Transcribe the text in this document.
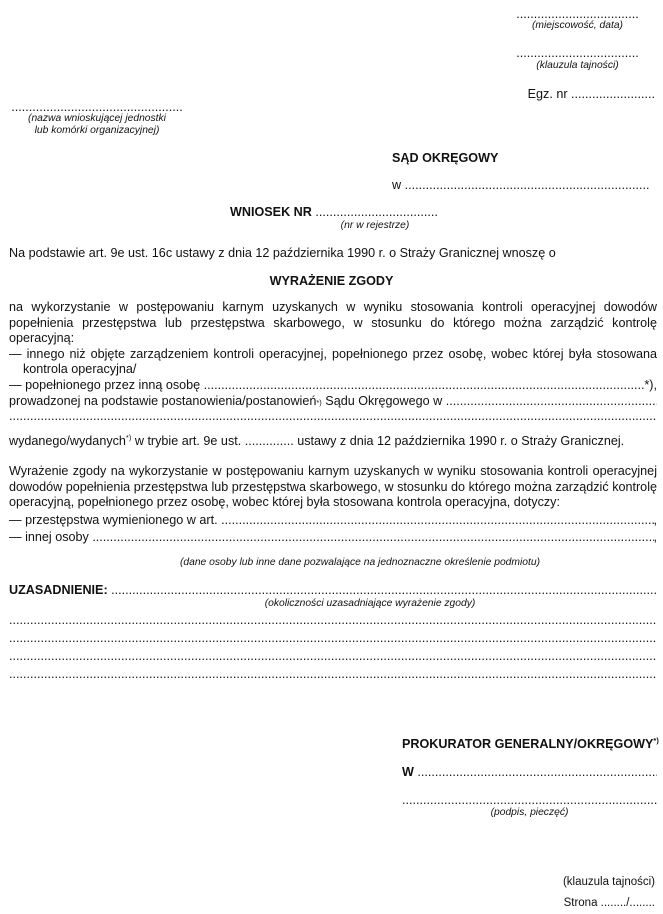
...................................
(miejscowość, data)
...................................
(klauzula tajności)
Egz. nr ........................
.................................................
(nazwa wnioskującej jednostki
lub komórki organizacyjnej)
SĄD OKRĘGOWY
w ......................................................................
WNIOSEK NR ...................................
(nr w rejestrze)
Na podstawie art. 9e ust. 16c ustawy z dnia 12 października 1990 r. o Straży Granicznej wnoszę o
WYRAŻENIE ZGODY
na wykorzystanie w postępowaniu karnym uzyskanych w wyniku stosowania kontroli operacyjnej dowodów popełnienia przestępstwa lub przestępstwa skarbowego, w stosunku do którego można zarządzić kontrolę operacyjną:
— innego niż objęte zarządzeniem kontroli operacyjnej, popełnionego przez osobę, wobec której była stosowana kontrola operacyjna/
— popełnionego przez inną osobę
.....	*),
prowadzonej na podstawie postanowienia/postanowień *)
Sądu Okręgowego w

.....
.....
wydanego/wydanych*) w trybie art. 9e ust. .............. ustawy z dnia 12 października 1990 r. o Straży Granicznej.
Wyrażenie zgody na wykorzystanie w postępowaniu karnym uzyskanych w wyniku stosowania kontroli operacyjnej dowodów popełnienia przestępstwa lub przestępstwa skarbowego, w stosunku do którego można zarządzić kontrolę operacyjną, popełnionego przez osobę, wobec której była stosowana kontrola operacyjna, dotyczy:
— przestępstwa wymienionego w art.
.....	,
— innej osoby
.....	,
(dane osoby lub inne dane pozwalające na jednoznaczne określenie podmiotu)
UZASADNIENIE:

.....
(okoliczności uzasadniające wyrażenie zgody)
.....
.....
.....
.....
PROKURATOR GENERALNY/OKRĘGOWY*)
W

.....
.........................................................................
(podpis, pieczęć)
(klauzula tajności)
Strona ......../........
